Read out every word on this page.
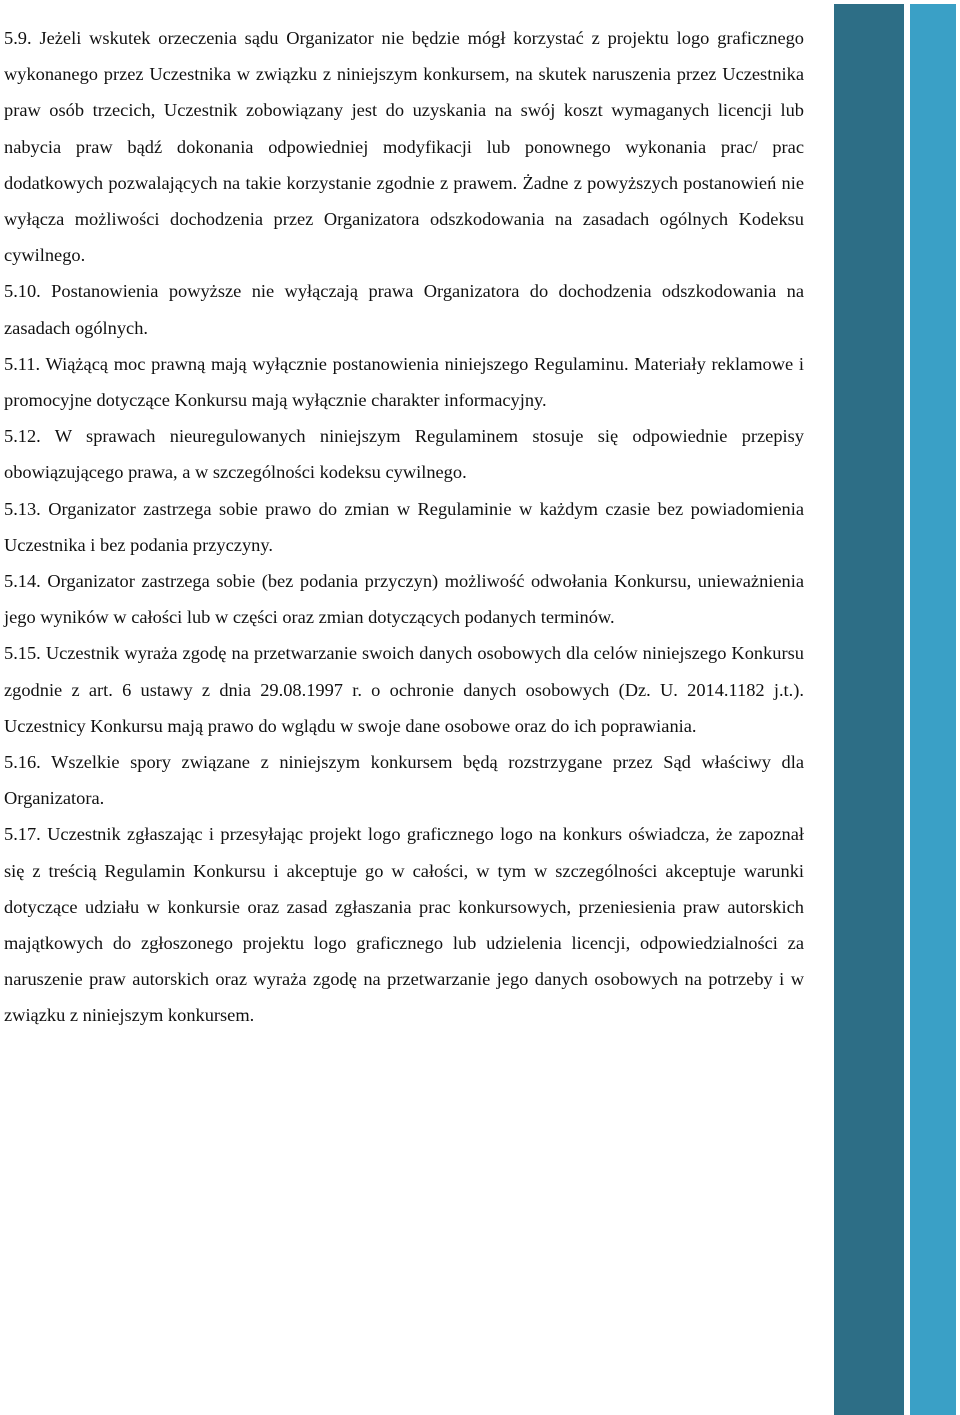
5.9. Jeżeli wskutek orzeczenia sądu Organizator nie będzie mógł korzystać z projektu logo graficznego wykonanego przez Uczestnika w związku z niniejszym konkursem, na skutek naruszenia przez Uczestnika praw osób trzecich, Uczestnik zobowiązany jest do uzyskania na swój koszt wymaganych licencji lub nabycia praw bądź dokonania odpowiedniej modyfikacji lub ponownego wykonania prac/ prac dodatkowych pozwalających na takie korzystanie zgodnie z prawem. Żadne z powyższych postanowień nie wyłącza możliwości dochodzenia przez Organizatora odszkodowania na zasadach ogólnych Kodeksu cywilnego.

5.10. Postanowienia powyższe nie wyłączają prawa Organizatora do dochodzenia odszkodowania na zasadach ogólnych.

5.11. Wiążącą moc prawną mają wyłącznie postanowienia niniejszego Regulaminu. Materiały reklamowe i promocyjne dotyczące Konkursu mają wyłącznie charakter informacyjny.

5.12. W sprawach nieuregulowanych niniejszym Regulaminem stosuje się odpowiednie przepisy obowiązującego prawa, a w szczególności kodeksu cywilnego.

5.13. Organizator zastrzega sobie prawo do zmian w Regulaminie w każdym czasie bez powiadomienia Uczestnika i bez podania przyczyny.

5.14. Organizator zastrzega sobie (bez podania przyczyn) możliwość odwołania Konkursu, unieważnienia jego wyników w całości lub w części oraz zmian dotyczących podanych terminów.

5.15. Uczestnik wyraża zgodę na przetwarzanie swoich danych osobowych dla celów niniejszego Konkursu zgodnie z art. 6 ustawy z dnia 29.08.1997 r. o ochronie danych osobowych (Dz. U. 2014.1182 j.t.). Uczestnicy Konkursu mają prawo do wglądu w swoje dane osobowe oraz do ich poprawiania.

5.16. Wszelkie spory związane z niniejszym konkursem będą rozstrzygane przez Sąd właściwy dla Organizatora.

5.17. Uczestnik zgłaszając i przesyłając projekt logo graficznego logo na konkurs oświadcza, że zapoznał się z treścią Regulamin Konkursu i akceptuje go w całości, w tym w szczególności akceptuje warunki dotyczące udziału w konkursie oraz zasad zgłaszania prac konkursowych, przeniesienia praw autorskich majątkowych do zgłoszonego projektu logo graficznego lub udzielenia licencji, odpowiedzialności za naruszenie praw autorskich oraz wyraża zgodę na przetwarzanie jego danych osobowych na potrzeby i w związku z niniejszym konkursem.
